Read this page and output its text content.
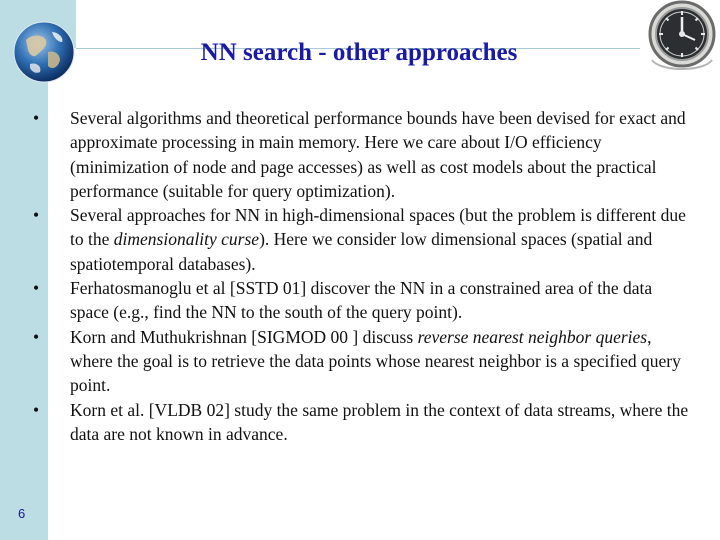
NN search - other approaches
• Several algorithms and theoretical performance bounds have been devised for exact and approximate processing in main memory. Here we care about I/O efficiency (minimization of node and page accesses) as well as cost models about the practical performance (suitable for query optimization).
• Several approaches for NN in high-dimensional spaces (but the problem is different due to the dimensionality curse). Here we consider low dimensional spaces (spatial and spatiotemporal databases).
• Ferhatosmanoglu et al [SSTD 01] discover the NN in a constrained area of the data space (e.g., find the NN to the south of the query point).
• Korn and Muthukrishnan [SIGMOD 00 ] discuss reverse nearest neighbor queries, where the goal is to retrieve the data points whose nearest neighbor is a specified query point.
• Korn et al. [VLDB 02] study the same problem in the context of data streams, where the data are not known in advance.
6
